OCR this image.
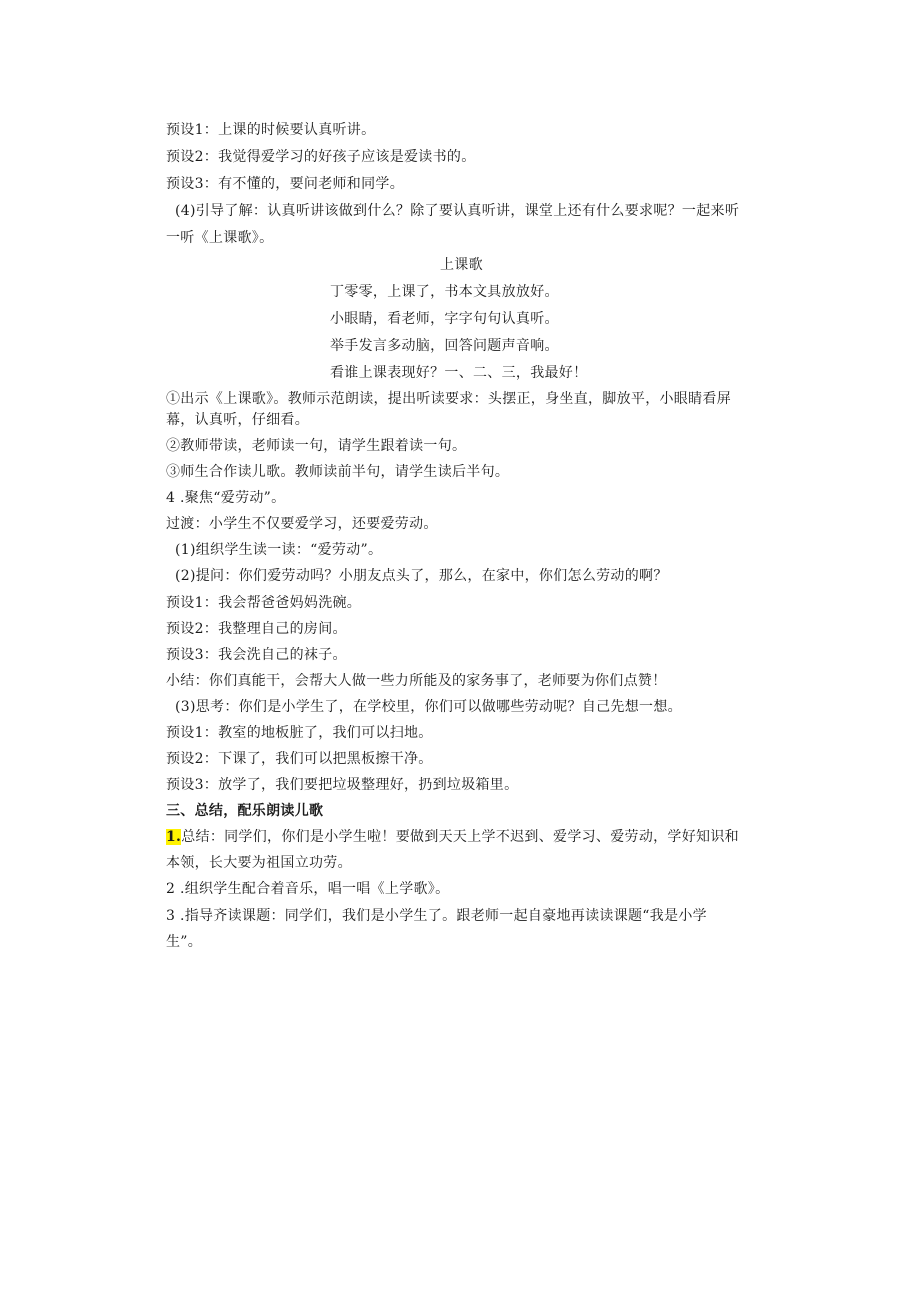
预设1：上课的时候要认真听讲。
预设2：我觉得爱学习的好孩子应该是爱读书的。
预设3：有不懂的，要问老师和同学。
(4)引导了解：认真听讲该做到什么？除了要认真听讲，课堂上还有什么要求呢？一起来听
一听《上课歌》。
上课歌
丁零零，上课了，书本文具放放好。
小眼睛，看老师，字字句句认真听。
举手发言多动脑，回答问题声音响。
看谁上课表现好？一、二、三，我最好！
①出示《上课歌》。教师示范朗读，提出听读要求：头摆正，身坐直，脚放平，小眼睛看屏
幕，认真听，仔细看。
②教师带读，老师读一句，请学生跟着读一句。
③师生合作读儿歌。教师读前半句，请学生读后半句。
4 .聚焦“爱劳动”。
过渡：小学生不仅要爱学习，还要爱劳动。
(1)组织学生读一读：“爱劳动”。
(2)提问：你们爱劳动吗？小朋友点头了，那么，在家中，你们怎么劳动的啊？
预设1：我会帮爸爸妈妈洗碗。
预设2：我整理自己的房间。
预设3：我会洗自己的袜子。
小结：你们真能干，会帮大人做一些力所能及的家务事了，老师要为你们点赞！
(3)思考：你们是小学生了，在学校里，你们可以做哪些劳动呢？自己先想一想。
预设1：教室的地板脏了，我们可以扫地。
预设2：下课了，我们可以把黑板擦干净。
预设3：放学了，我们要把垃圾整理好，扔到垃圾箱里。
三、总结，配乐朗读儿歌
1.总结：同学们，你们是小学生啦！要做到天天上学不迟到、爱学习、爱劳动，学好知识和
本领，长大要为祖国立功劳。
2 .组织学生配合着音乐，唱一唱《上学歌》。
3 .指导齐读课题：同学们，我们是小学生了。跟老师一起自豪地再读读课题“我是小学
生”。
